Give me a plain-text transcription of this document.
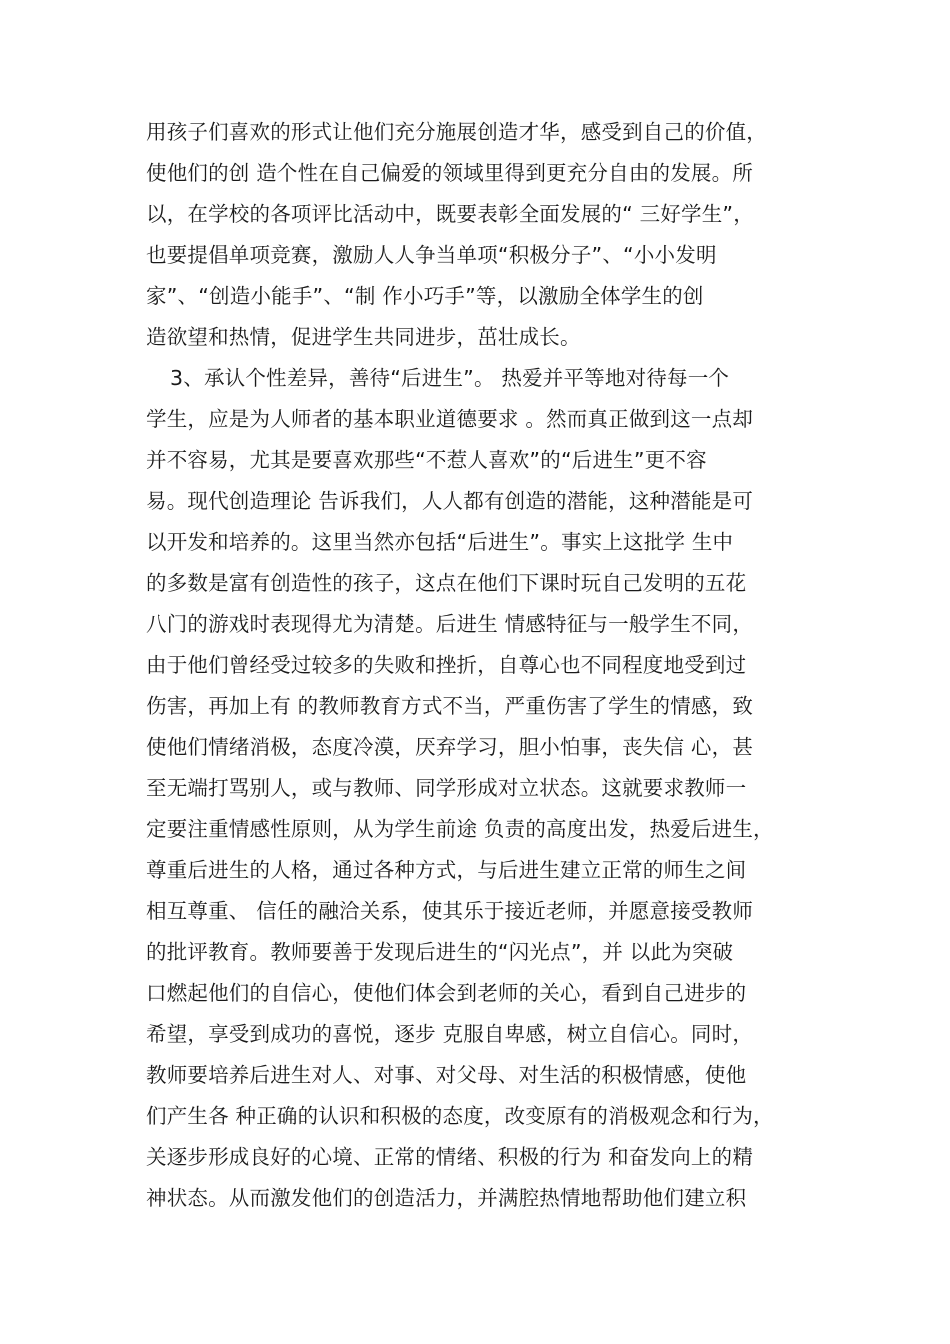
用孩子们喜欢的形式让他们充分施展创造才华，感受到自己的价值，
使他们的创 造个性在自己偏爱的领域里得到更充分自由的发展。所
以，在学校的各项评比活动中，既要表彰全面发展的“ 三好学生”，
也要提倡单项竞赛，激励人人争当单项“积极分子”、“小小发明
家”、“创造小能手”、“制 作小巧手”等，以激励全体学生的创
造欲望和热情，促进学生共同进步，茁壮成长。
3、承认个性差异，善待“后进生”。 热爱并平等地对待每一个
学生，应是为人师者的基本职业道德要求 。然而真正做到这一点却
并不容易，尤其是要喜欢那些“不惹人喜欢”的“后进生”更不容
易。现代创造理论 告诉我们，人人都有创造的潜能，这种潜能是可
以开发和培养的。这里当然亦包括“后进生”。事实上这批学 生中
的多数是富有创造性的孩子，这点在他们下课时玩自己发明的五花
八门的游戏时表现得尤为清楚。后进生 情感特征与一般学生不同，
由于他们曾经受过较多的失败和挫折，自尊心也不同程度地受到过
伤害，再加上有 的教师教育方式不当，严重伤害了学生的情感，致
使他们情绪消极，态度冷漠，厌弃学习，胆小怕事，丧失信 心，甚
至无端打骂别人，或与教师、同学形成对立状态。这就要求教师一
定要注重情感性原则，从为学生前途 负责的高度出发，热爱后进生，
尊重后进生的人格，通过各种方式，与后进生建立正常的师生之间
相互尊重、 信任的融洽关系，使其乐于接近老师，并愿意接受教师
的批评教育。教师要善于发现后进生的“闪光点”，并 以此为突破
口燃起他们的自信心，使他们体会到老师的关心，看到自己进步的
希望，享受到成功的喜悦，逐步 克服自卑感，树立自信心。同时，
教师要培养后进生对人、对事、对父母、对生活的积极情感，使他
们产生各 种正确的认识和积极的态度，改变原有的消极观念和行为，
关逐步形成良好的心境、正常的情绪、积极的行为 和奋发向上的精
神状态。从而激发他们的创造活力，并满腔热情地帮助他们建立积
